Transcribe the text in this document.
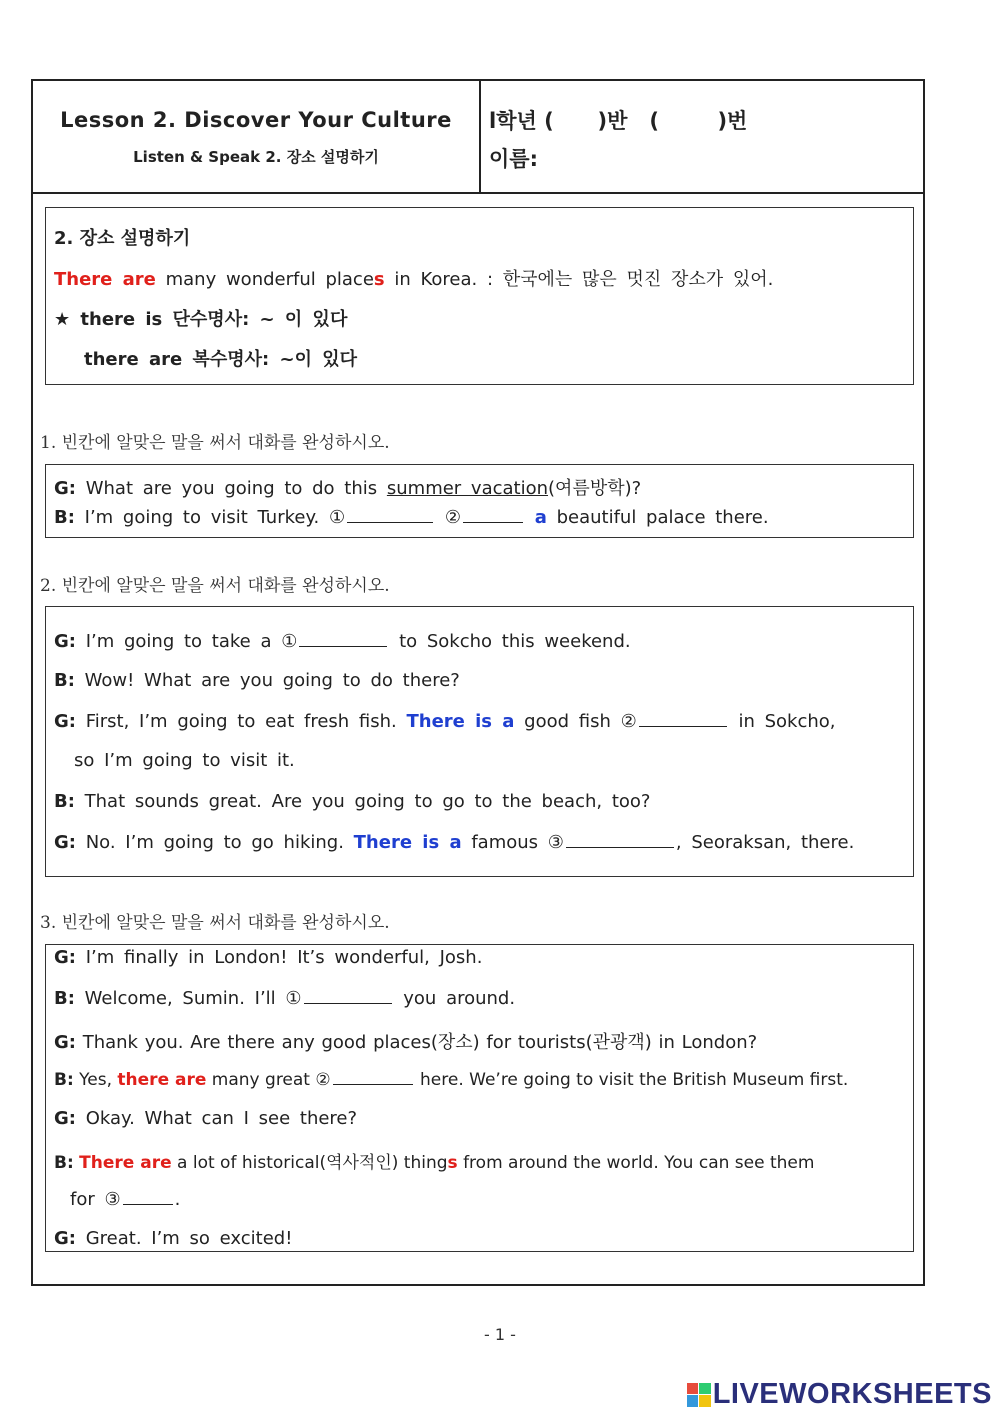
Lesson 2. Discover Your Culture
Listen & Speak 2. 장소 설명하기
l학년 (      )반   (        )번
이름:
2. 장소 설명하기
There are many wonderful places in Korea. : 한국에는 많은 멋진 장소가 있어.
★ there is 단수명사: ~ 이 있다
there are 복수명사: ~이 있다
1. 빈칸에 알맞은 말을 써서 대화를 완성하시오.
G: What are you going to do this summer vacation(여름방학)?
B: I’m going to visit Turkey. ①	②	a beautiful palace there.
2. 빈칸에 알맞은 말을 써서 대화를 완성하시오.
G: I’m going to take a ①	to Sokcho this weekend.
B: Wow! What are you going to do there?
G: First, I’m going to eat fresh fish. There is a good fish ②	in Sokcho,
so I’m going to visit it.
B: That sounds great. Are you going to go to the beach, too?
G: No. I’m going to go hiking. There is a famous ③	, Seoraksan, there.
3. 빈칸에 알맞은 말을 써서 대화를 완성하시오.
G: I’m finally in London! It’s wonderful, Josh.
B: Welcome, Sumin. I’ll ①	you around.
G: Thank you. Are there any good places(장소) for tourists(관광객) in London?
B: Yes, there are many great ②	here. We’re going to visit the British Museum first.
G: Okay. What can I see there?
B: There are a lot of historical(역사적인) things from around the world. You can see them
for ③	.
G: Great. I’m so excited!
- 1 -
LIVEWORKSHEETS
